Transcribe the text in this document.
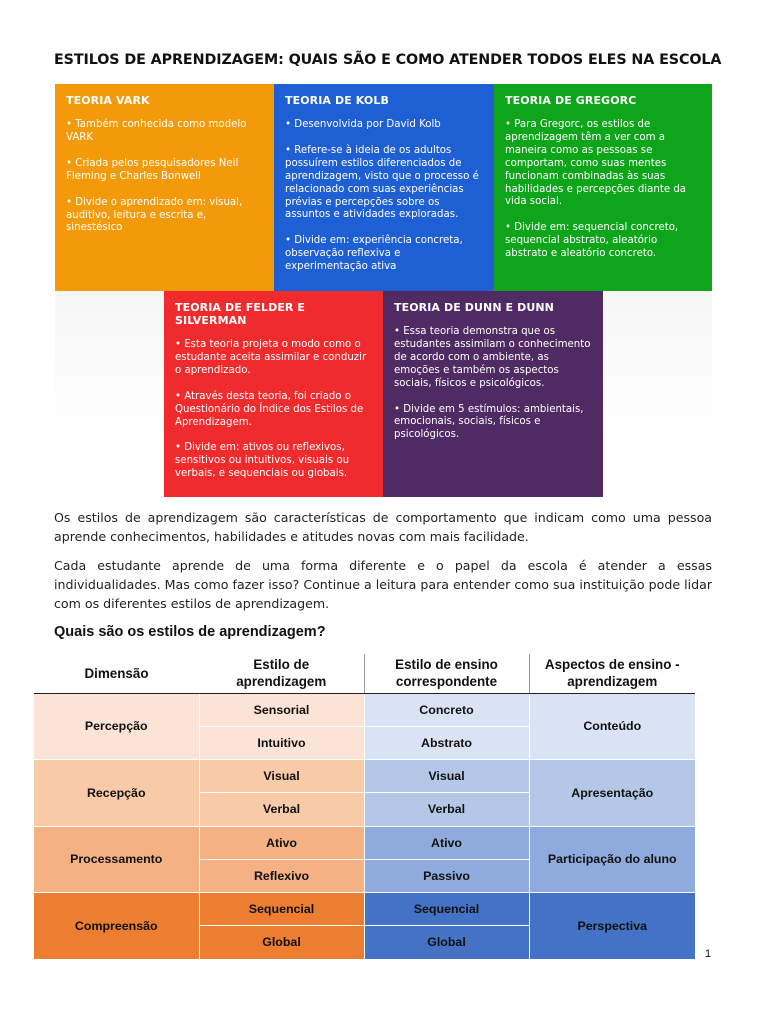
ESTILOS DE APRENDIZAGEM: QUAIS SÃO E COMO ATENDER TODOS ELES NA ESCOLA
TEORIA VARK

• Também conhecida como modelo VARK

• Criada pelos pesquisadores Neil Fleming e Charles Bonwell

• Divide o aprendizado em: visual, auditivo, leitura e escrita e, sinestésico

TEORIA DE KOLB

• Desenvolvida por David Kolb

• Refere-se à ideia de os adultos possuírem estilos diferenciados de aprendizagem, visto que o processo é relacionado com suas experiências prévias e percepções sobre os assuntos e atividades exploradas.

• Divide em: experiência concreta, observação reflexiva e experimentação ativa

TEORIA DE GREGORC

• Para Gregorc, os estilos de aprendizagem têm a ver com a maneira como as pessoas se comportam, como suas mentes funcionam combinadas às suas habilidades e percepções diante da vida social.

• Divide em: sequencial concreto, sequencial abstrato, aleatório abstrato e aleatório concreto.

TEORIA DE FELDER E SILVERMAN

• Esta teoria projeta o modo como o estudante aceita assimilar e conduzir o aprendizado.

• Através desta teoria, foi criado o Questionário do Índice dos Estilos de Aprendizagem.

• Divide em: ativos ou reflexivos, sensitivos ou intuitivos, visuais ou verbais, e sequenciais ou globais.

TEORIA DE DUNN E DUNN

• Essa teoria demonstra que os estudantes assimilam o conhecimento de acordo com o ambiente, as emoções e também os aspectos sociais, físicos e psicológicos.

• Divide em 5 estímulos: ambientais, emocionais, sociais, físicos e psicológicos.

Os estilos de aprendizagem são características de comportamento que indicam como uma pessoa aprende conhecimentos, habilidades e atitudes novas com mais facilidade.
Cada estudante aprende de uma forma diferente e o papel da escola é atender a essas individualidades. Mas como fazer isso? Continue a leitura para entender como sua instituição pode lidar com os diferentes estilos de aprendizagem.
Quais são os estilos de aprendizagem?
Dimensão	Estilo de aprendizagem	Estilo de ensino correspondente	Aspectos de ensino - aprendizagem

Percepção	Sensorial	Concreto	Conteúdo
	Intuitivo	Abstrato	
Recepção	Visual	Visual	Apresentação
	Verbal	Verbal	
Processamento	Ativo	Ativo	Participação do aluno
	Reflexivo	Passivo	
Compreensão	Sequencial	Sequencial	Perspectiva
	Global	Global	
1
